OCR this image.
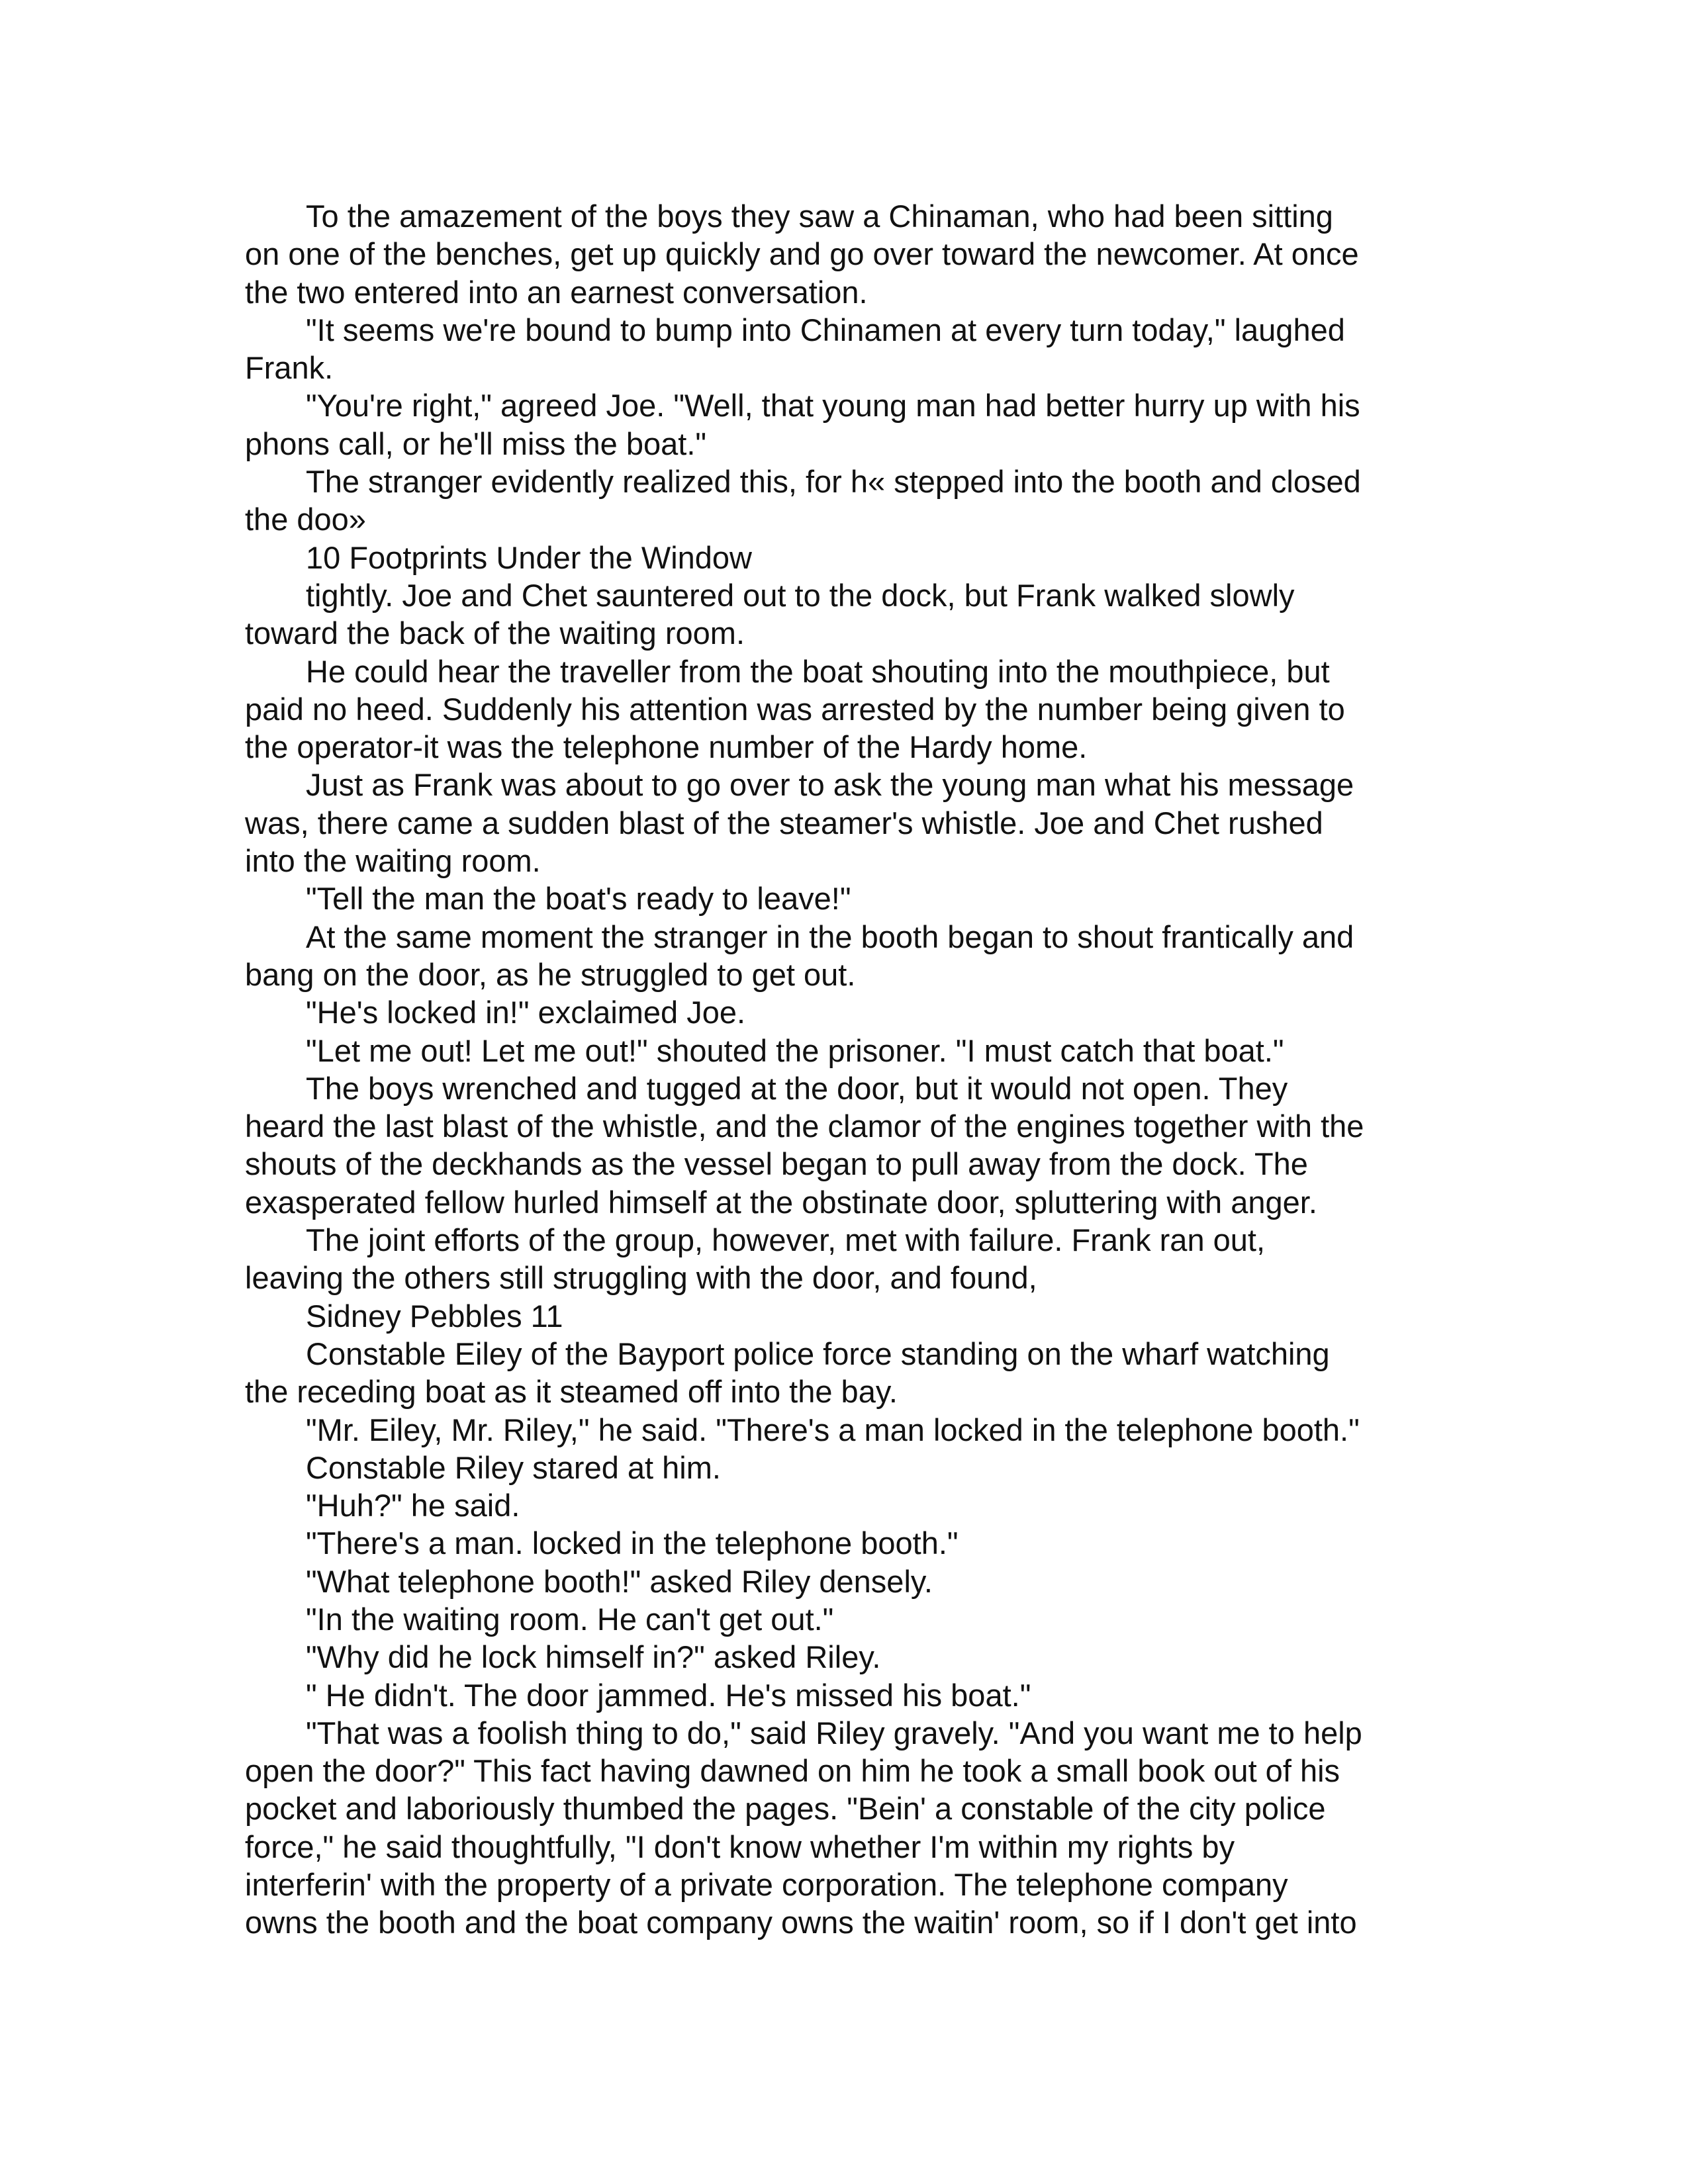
To the amazement of the boys they saw a Chinaman, who had been sitting
on one of the benches, get up quickly and go over toward the newcomer. At once
the two entered into an earnest conversation.

"It seems we're bound to bump into Chinamen at every turn today," laughed
Frank.

"You're right," agreed Joe. "Well, that young man had better hurry up with his
phons call, or he'll miss the boat."

The stranger evidently realized this, for h« stepped into the booth and closed
the doo»

10 Footprints Under the Window

tightly. Joe and Chet sauntered out to the dock, but Frank walked slowly
toward the back of the waiting room.

He could hear the traveller from the boat shouting into the mouthpiece, but
paid no heed. Suddenly his attention was arrested by the number being given to
the operator-it was the telephone number of the Hardy home.

Just as Frank was about to go over to ask the young man what his message
was, there came a sudden blast of the steamer's whistle. Joe and Chet rushed
into the waiting room.

"Tell the man the boat's ready to leave!"

At the same moment the stranger in the booth began to shout frantically and
bang on the door, as he struggled to get out.

"He's locked in!" exclaimed Joe.

"Let me out! Let me out!" shouted the prisoner. "I must catch that boat."

The boys wrenched and tugged at the door, but it would not open. They
heard the last blast of the whistle, and the clamor of the engines together with the
shouts of the deckhands as the vessel began to pull away from the dock. The
exasperated fellow hurled himself at the obstinate door, spluttering with anger.

The joint efforts of the group, however, met with failure. Frank ran out,
leaving the others still struggling with the door, and found,

Sidney Pebbles 11

Constable Eiley of the Bayport police force standing on the wharf watching
the receding boat as it steamed off into the bay.

"Mr. Eiley, Mr. Riley," he said. "There's a man locked in the telephone booth."

Constable Riley stared at him.

"Huh?" he said.

"There's a man. locked in the telephone booth."

"What telephone booth!" asked Riley densely.

"In the waiting room. He can't get out."

"Why did he lock himself in?" asked Riley.

" He didn't. The door jammed. He's missed his boat."

"That was a foolish thing to do," said Riley gravely. "And you want me to help
open the door?" This fact having dawned on him he took a small book out of his
pocket and laboriously thumbed the pages. "Bein' a constable of the city police
force," he said thoughtfully, "I don't know whether I'm within my rights by
interferin' with the property of a private corporation. The telephone company
owns the booth and the boat company owns the waitin' room, so if I don't get into
